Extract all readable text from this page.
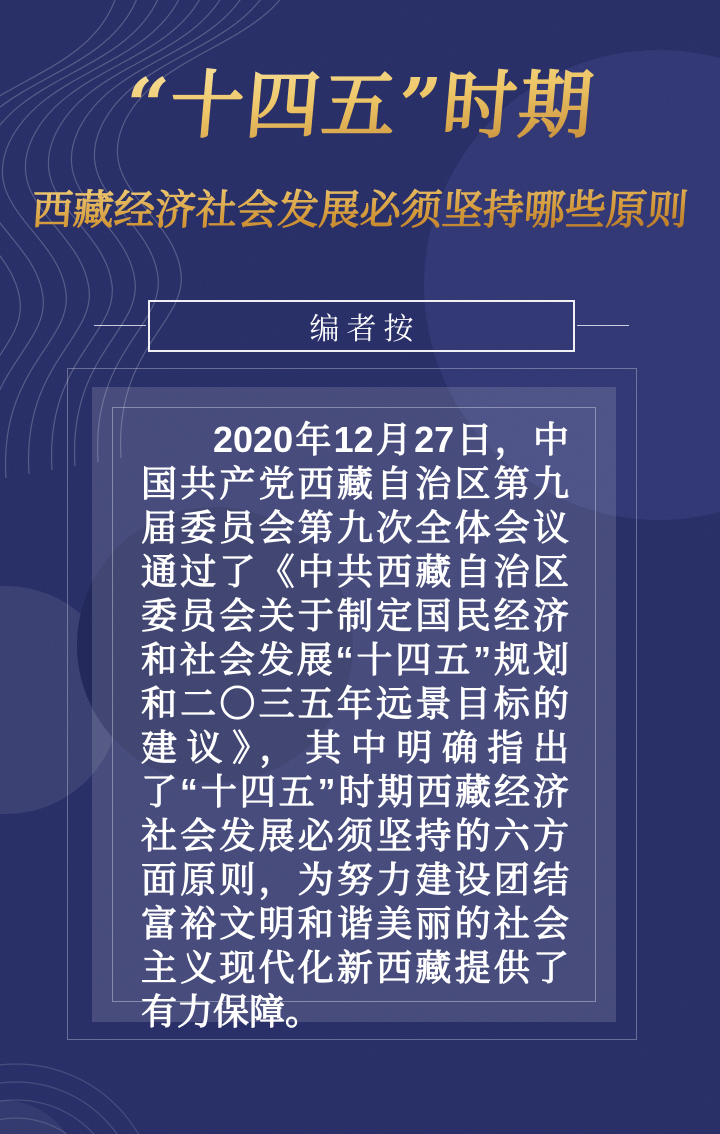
“十四五”时期
西藏经济社会发展必须坚持哪些原则
编者按

2020年12月27日，中国共产党西藏自治区第九届委员会第九次全体会议通过了《中共西藏自治区委员会关于制定国民经济和社会发展“十四五”规划和二〇三五年远景目标的建议》，其中明确指出了“十四五”时期西藏经济社会发展必须坚持的六方面原则，为努力建设团结富裕文明和谐美丽的社会主义现代化新西藏提供了有力保障。
